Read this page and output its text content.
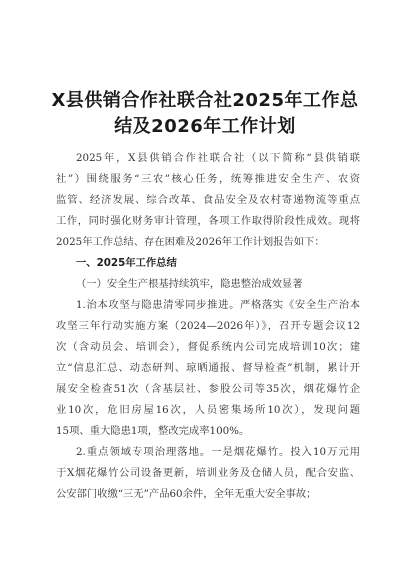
X县供销合作社联合社2025年工作总
结及2026年工作计划
2025年，X县供销合作社联合社（以下简称“县供销联
社”）围绕服务“三农”核心任务，统筹推进安全生产、农资
监管、经济发展、综合改革、食品安全及农村寄递物流等重点
工作，同时强化财务审计管理，各项工作取得阶段性成效。现将
2025年工作总结、存在困难及2026年工作计划报告如下：
一、2025年工作总结
（一）安全生产根基持续筑牢，隐患整治成效显著
1.治本攻坚与隐患清零同步推进。严格落实《安全生产治本
攻坚三年行动实施方案（2024—2026年）》，召开专题会议12
次（含动员会、培训会），督促系统内公司完成培训10次；建
立“信息汇总、动态研判、琼晒通报、督导检查”机制，累计开
展安全检查51次（含基层社、参股公司等35次，烟花爆竹企
业10次，危旧房屋16次，人员密集场所10次），发现问题
15项、重大隐患1项，整改完成率100%。
2.重点领域专项治理落地。一是烟花爆竹。投入10万元用
于X烟花爆竹公司设备更新，培训业务及仓储人员，配合安监、
公安部门收缴“三无”产品60余件，全年无重大安全事故；
